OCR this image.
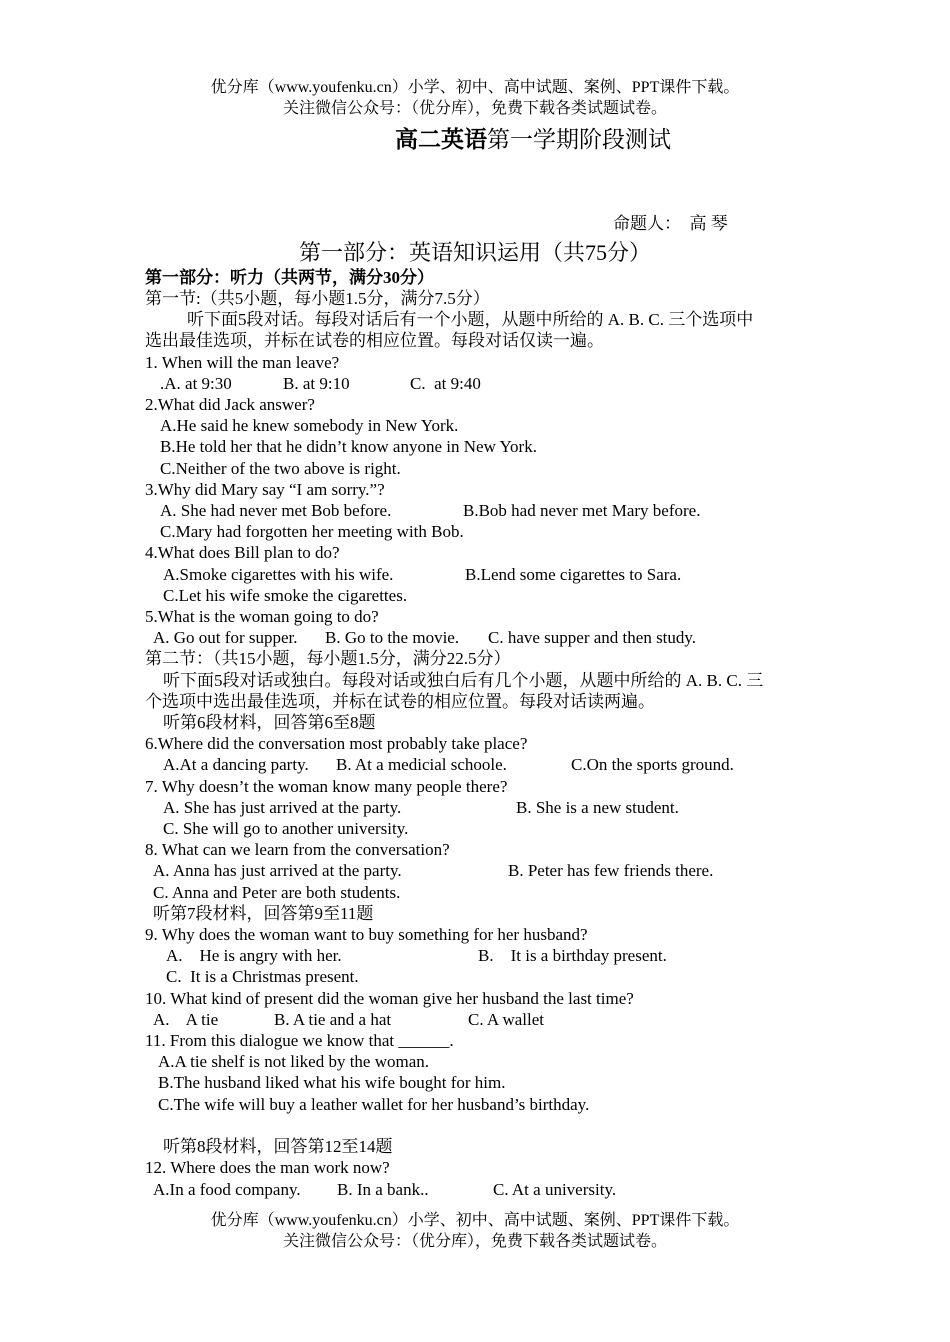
优分库（www.youfenku.cn）小学、初中、高中试题、案例、PPT课件下载。
关注微信公众号：（优分库），免费下载各类试题试卷。
高二英语第一学期阶段测试
命题人：  高 琴
第一部分：英语知识运用（共75分）
第一部分：听力（共两节，满分30分）
第一节:（共5小题，每小题1.5分，满分7.5分）
听下面5段对话。每段对话后有一个小题，从题中所给的 A. B. C. 三个选项中
选出最佳选项，并标在试卷的相应位置。每段对话仅读一遍。
1. When will the man leave?
.A. at 9:30	B. at 9:10	C.  at 9:40
2.What did Jack answer?
A.He said he knew somebody in New York.
B.He told her that he didn’t know anyone in New York.
C.Neither of the two above is right.
3.Why did Mary say “I am sorry.”?
A. She had never met Bob before.	B.Bob had never met Mary before.
C.Mary had forgotten her meeting with Bob.
4.What does Bill plan to do?
A.Smoke cigarettes with his wife.	B.Lend some cigarettes to Sara.
C.Let his wife smoke the cigarettes.
5.What is the woman going to do?
A. Go out for supper. B. Go to the movie. C. have supper and then study.
第二节：（共15小题，每小题1.5分，满分22.5分）
听下面5段对话或独白。每段对话或独白后有几个小题，从题中所给的 A. B. C. 三
个选项中选出最佳选项，并标在试卷的相应位置。每段对话读两遍。
听第6段材料，回答第6至8题
6.Where did the conversation most probably take place?
A.At a dancing party. B. At a medicial schoole.	C.On the sports ground.
7. Why doesn’t the woman know many people there?
A. She has just arrived at the party.	B. She is a new student.
C. She will go to another university.
8. What can we learn from the conversation?
A. Anna has just arrived at the party.	B. Peter has few friends there.
C. Anna and Peter are both students.
听第7段材料，回答第9至11题
9. Why does the woman want to buy something for her husband?
A.    He is angry with her.	B.    It is a birthday present.
C.  It is a Christmas present.
10. What kind of present did the woman give her husband the last time?
A.    A tie	B. A tie and a hat	C. A wallet
11. From this dialogue we know that ______.
A.A tie shelf is not liked by the woman.
B.The husband liked what his wife bought for him.
C.The wife will buy a leather wallet for her husband’s birthday.
听第8段材料，回答第12至14题
12. Where does the man work now?
A.In a food company. B. In a bank..	C. At a university.
优分库（www.youfenku.cn）小学、初中、高中试题、案例、PPT课件下载。
关注微信公众号：（优分库），免费下载各类试题试卷。
